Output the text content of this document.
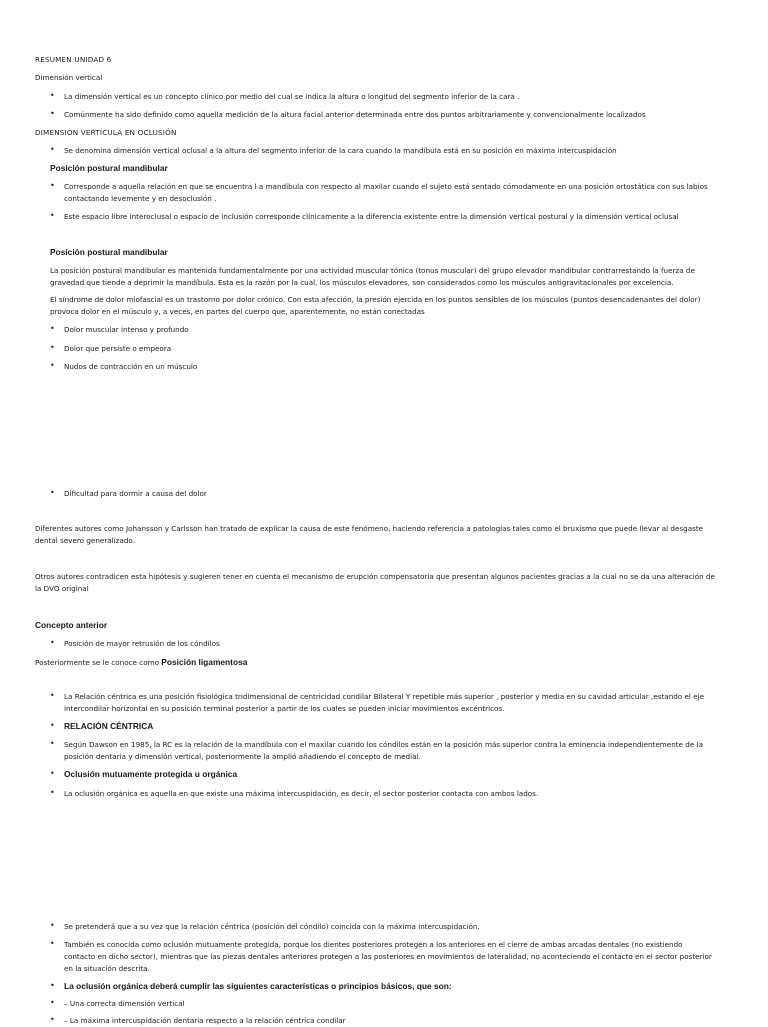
RESUMEN UNIDAD 6
Dimensión vertical
• La dimensión vertical es un concepto clínico por medio del cual se indica la altura o longitud del segmento inferior de la cara .
• Comúnmente ha sido definido como aquella medición de la altura facial anterior determinada entre dos puntos arbitrariamente y convencionalmente localizados
DIMENSION VERTICULA EN OCLUSIÓN
• Se denomina dimensión vertical oclusal a la altura del segmento inferior de la cara cuando la mandíbula está en su posición en máxima intercuspidación
Posición postural mandibular
• Corresponde a aquella relación en que se encuentra l a mandíbula con respecto al maxilar cuando el sujeto está sentado cómodamente en una posición ortostática con sus labios contactando levemente y en desoclusión .
• Este espacio libre interoclusal o espacio de inclusión corresponde clínicamente a la diferencia existente entre la dimensión vertical postural y la dimensión vertical oclusal
Posición postural mandibular
La posición postural mandibular es mantenida fundamentalmente por una actividad muscular tónica (tonus muscular) del grupo elevador mandibular contrarrestando la fuerza de gravedad que tiende a deprimir la mandíbula. Esta es la razón por la cual, los músculos elevadores, son considerados como los músculos antigravitacionales por excelencia.
El síndrome de dolor miofascial es un trastorno por dolor crónico. Con esta afección, la presión ejercida en los puntos sensibles de los músculos (puntos desencadenantes del dolor) provoca dolor en el músculo y, a veces, en partes del cuerpo que, aparentemente, no están conectadas
• Dolor muscular intenso y profundo
• Dolor que persiste o empeora
• Nudos de contracción en un músculo
• Dificultad para dormir a causa del dolor
Diferentes autores como Johansson y Carlsson han tratado de explicar la causa de este fenómeno, haciendo referencia a patologías tales como el bruxismo que puede llevar al desgaste dental severo generalizado.
Otros autores contradicen esta hipótesis y sugieren tener en cuenta el mecanismo de erupción compensatoria que presentan algunos pacientes gracias a la cual no se da una alteración de la DVO original
Concepto anterior
• Posición de mayor retrusión de los cóndilos
Posteriormente se le conoce como Posición ligamentosa
• La Relación céntrica es una posición fisiológica tridimensional de centricidad condilar Bilateral Y repetible más superior , posterior y media en su cavidad articular ,estando el eje intercondilar horizontal en su posición terminal posterior a partir de los cuales se pueden iniciar movimientos excéntricos.
• RELACIÓN CÉNTRICA
• Según Dawson en 1985, la RC es la relación de la mandíbula con el maxilar cuando los cóndilos están en la posición más superior contra la eminencia independientemente de la posición dentaria y dimensión vertical, posteriormente la amplió añadiendo el concepto de medial.
• Oclusión mutuamente protegida u orgánica
• La oclusión orgánica es aquella en que existe una máxima intercuspidación, es decir, el sector posterior contacta con ambos lados.
• Se pretenderá que a su vez que la relación céntrica (posición del cóndilo) coincida con la máxima intercuspidación.
• También es conocida como oclusión mutuamente protegida, porque los dientes posteriores protegen a los anteriores en el cierre de ambas arcadas dentales (no existiendo contacto en dicho sector), mientras que las piezas dentales anteriores protegen a las posteriores en movimientos de lateralidad, no aconteciendo el contacto en el sector posterior en la situación descrita.
• La oclusión orgánica deberá cumplir las siguientes características o principios básicos, que son:
• – Una correcta dimensión vertical
• – La máxima intercuspidación dentaria respecto a la relación céntrica condilar
